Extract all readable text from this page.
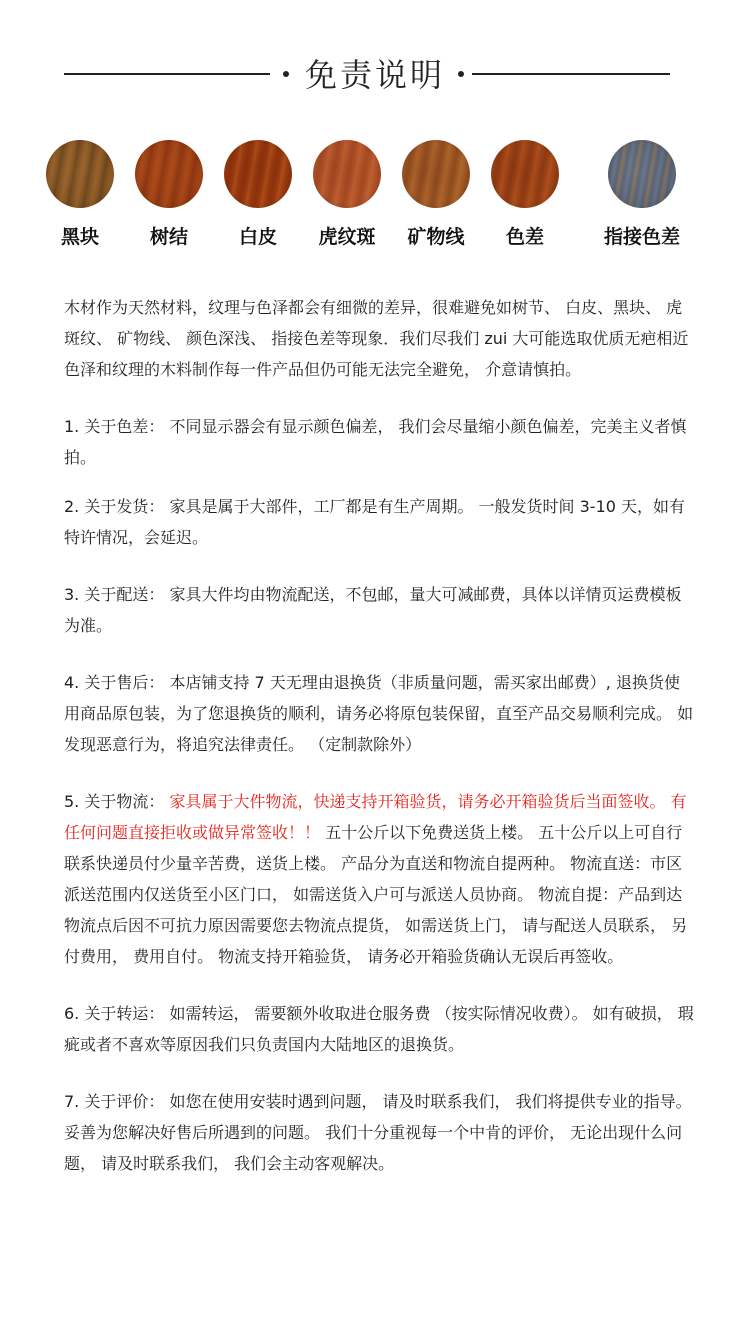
免责说明
黑块	树结	白皮	虎纹斑	矿物线	色差	指接色差

木材作为天然材料，纹理与色泽都会有细微的差异，很难避免如树节、 白皮、黑块、 虎斑纹、 矿物线、 颜色深浅、 指接色差等现象．我们尽我们 zui 大可能选取优质无疤相近色泽和纹理的木料制作每一件产品但仍可能无法完全避免， 介意请慎拍。

1. 关于色差： 不同显示器会有显示颜色偏差， 我们会尽量缩小颜色偏差，完美主义者慎拍。

2. 关于发货： 家具是属于大部件，工厂都是有生产周期。 一般发货时间 3-10 天，如有特许情况，会延迟。

3. 关于配送： 家具大件均由物流配送，不包邮，量大可减邮费，具体以详情页运费模板为准。

4. 关于售后： 本店铺支持 7 天无理由退换货（非质量问题，需买家出邮费）, 退换货使用商品原包装，为了您退换货的顺利，请务必将原包装保留，直至产品交易顺利完成。 如发现恶意行为，将追究法律责任。 （定制款除外）

5. 关于物流： 家具属于大件物流，快递支持开箱验货，请务必开箱验货后当面签收。 有任何问题直接拒收或做异常签收！！ 五十公斤以下免费送货上楼。 五十公斤以上可自行联系快递员付少量辛苦费，送货上楼。 产品分为直送和物流自提两种。 物流直送：市区派送范围内仅送货至小区门口， 如需送货入户可与派送人员协商。 物流自提：产品到达物流点后因不可抗力原因需要您去物流点提货， 如需送货上门， 请与配送人员联系， 另付费用， 费用自付。 物流支持开箱验货， 请务必开箱验货确认无误后再签收。

6. 关于转运： 如需转运， 需要额外收取进仓服务费 （按实际情况收费）。 如有破损， 瑕疵或者不喜欢等原因我们只负责国内大陆地区的退换货。

7. 关于评价： 如您在使用安装时遇到问题， 请及时联系我们， 我们将提供专业的指导。 妥善为您解决好售后所遇到的问题。 我们十分重视每一个中肯的评价， 无论出现什么问题， 请及时联系我们， 我们会主动客观解决。
